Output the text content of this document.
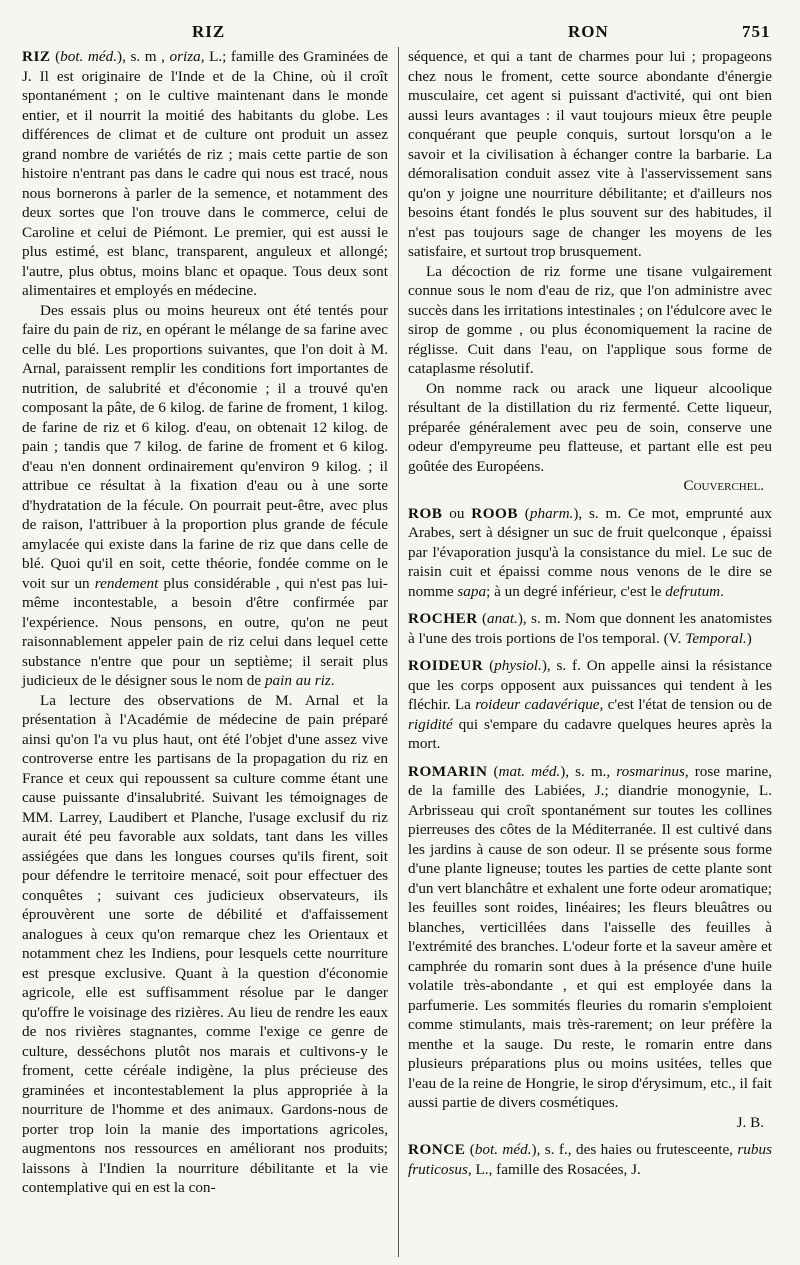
RIZ	RON	751

RIZ (bot. méd.), s. m , oriza, L.; famille des Graminées de J. Il est originaire de l'Inde et de la Chine, où il croît spontanément ; on le cultive maintenant dans le monde entier, et il nourrit la moitié des habitants du globe. Les différences de climat et de culture ont produit un assez grand nombre de variétés de riz ; mais cette partie de son histoire n'entrant pas dans le cadre qui nous est tracé, nous nous bornerons à parler de la semence, et notamment des deux sortes que l'on trouve dans le commerce, celui de Caroline et celui de Piémont. Le premier, qui est aussi le plus estimé, est blanc, transparent, anguleux et allongé; l'autre, plus obtus, moins blanc et opaque. Tous deux sont alimentaires et employés en médecine.

Des essais plus ou moins heureux ont été tentés pour faire du pain de riz, en opérant le mélange de sa farine avec celle du blé. Les proportions suivantes, que l'on doit à M. Arnal, paraissent remplir les conditions fort importantes de nutrition, de salubrité et d'économie ; il a trouvé qu'en composant la pâte, de 6 kilog. de farine de froment, 1 kilog. de farine de riz et 6 kilog. d'eau, on obtenait 12 kilog. de pain ; tandis que 7 kilog. de farine de froment et 6 kilog. d'eau n'en donnent ordinairement qu'environ 9 kilog. ; il attribue ce résultat à la fixation d'eau ou à une sorte d'hydratation de la fécule. On pourrait peut-être, avec plus de raison, l'attribuer à la proportion plus grande de fécule amylacée qui existe dans la farine de riz que dans celle de blé. Quoi qu'il en soit, cette théorie, fondée comme on le voit sur un rendement plus considérable , qui n'est pas lui-même incontestable, a besoin d'être confirmée par l'expérience. Nous pensons, en outre, qu'on ne peut raisonnablement appeler pain de riz celui dans lequel cette substance n'entre que pour un septième; il serait plus judicieux de le désigner sous le nom de pain au riz.

La lecture des observations de M. Arnal et la présentation à l'Académie de médecine de pain préparé ainsi qu'on l'a vu plus haut, ont été l'objet d'une assez vive controverse entre les partisans de la propagation du riz en France et ceux qui repoussent sa culture comme étant une cause puissante d'insalubrité. Suivant les témoignages de MM. Larrey, Laudibert et Planche, l'usage exclusif du riz aurait été peu favorable aux soldats, tant dans les villes assiégées que dans les longues courses qu'ils firent, soit pour défendre le territoire menacé, soit pour effectuer des conquêtes ; suivant ces judicieux observateurs, ils éprouvèrent une sorte de débilité et d'affaissement analogues à ceux qu'on remarque chez les Orientaux et notamment chez les Indiens, pour lesquels cette nourriture est presque exclusive. Quant à la question d'économie agricole, elle est suffisamment résolue par le danger qu'offre le voisinage des rizières. Au lieu de rendre les eaux de nos rivières stagnantes, comme l'exige ce genre de culture, desséchons plutôt nos marais et cultivons-y le froment, cette céréale indigène, la plus précieuse des graminées et incontestablement la plus appropriée à la nourriture de l'homme et des animaux. Gardons-nous de porter trop loin la manie des importations agricoles, augmentons nos ressources en améliorant nos produits; laissons à l'Indien la nourriture débilitante et la vie contemplative qui en est la con-

séquence, et qui a tant de charmes pour lui ; propageons chez nous le froment, cette source abondante d'énergie musculaire, cet agent si puissant d'activité, qui ont bien aussi leurs avantages : il vaut toujours mieux être peuple conquérant que peuple conquis, surtout lorsqu'on a le savoir et la civilisation à échanger contre la barbarie. La démoralisation conduit assez vite à l'asservissement sans qu'on y joigne une nourriture débilitante; et d'ailleurs nos besoins étant fondés le plus souvent sur des habitudes, il n'est pas toujours sage de changer les moyens de les satisfaire, et surtout trop brusquement.

La décoction de riz forme une tisane vulgairement connue sous le nom d'eau de riz, que l'on administre avec succès dans les irritations intestinales ; on l'édulcore avec le sirop de gomme , ou plus économiquement la racine de réglisse. Cuit dans l'eau, on l'applique sous forme de cataplasme résolutif.

On nomme rack ou arack une liqueur alcoolique résultant de la distillation du riz fermenté. Cette liqueur, préparée généralement avec peu de soin, conserve une odeur d'empyreume peu flatteuse, et partant elle est peu goûtée des Européens.

Couverchel.

ROB ou ROOB (pharm.), s. m. Ce mot, emprunté aux Arabes, sert à désigner un suc de fruit quelconque , épaissi par l'évaporation jusqu'à la consistance du miel. Le suc de raisin cuit et épaissi comme nous venons de le dire se nomme sapa; à un degré inférieur, c'est le defrutum.

ROCHER (anat.), s. m. Nom que donnent les anatomistes à l'une des trois portions de l'os temporal. (V. Temporal.)

ROIDEUR (physiol.), s. f. On appelle ainsi la résistance que les corps opposent aux puissances qui tendent à les fléchir. La roideur cadavérique, c'est l'état de tension ou de rigidité qui s'empare du cadavre quelques heures après la mort.

ROMARIN (mat. méd.), s. m., rosmarinus, rose marine, de la famille des Labiées, J.; diandrie monogynie, L. Arbrisseau qui croît spontanément sur toutes les collines pierreuses des côtes de la Méditerranée. Il est cultivé dans les jardins à cause de son odeur. Il se présente sous forme d'une plante ligneuse; toutes les parties de cette plante sont d'un vert blanchâtre et exhalent une forte odeur aromatique; les feuilles sont roides, linéaires; les fleurs bleuâtres ou blanches, verticillées dans l'aisselle des feuilles à l'extrémité des branches. L'odeur forte et la saveur amère et camphrée du romarin sont dues à la présence d'une huile volatile très-abondante , et qui est employée dans la parfumerie. Les sommités fleuries du romarin s'emploient comme stimulants, mais très-rarement; on leur préfère la menthe et la sauge. Du reste, le romarin entre dans plusieurs préparations plus ou moins usitées, telles que l'eau de la reine de Hongrie, le sirop d'érysimum, etc., il fait aussi partie de divers cosmétiques.

J. B.

RONCE (bot. méd.), s. f., des haies ou frutesceente, rubus fruticosus, L., famille des Rosacées, J.
